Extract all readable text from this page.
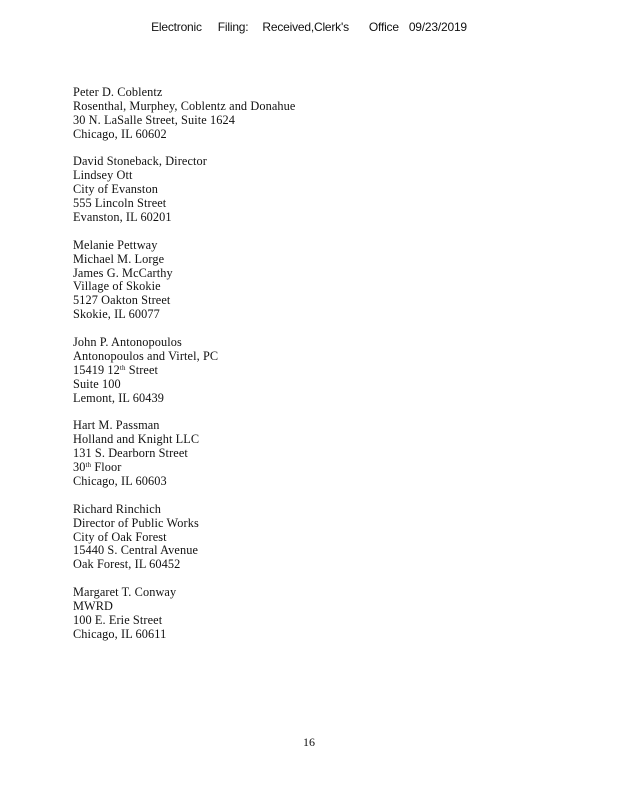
Electronic Filing: Received,Clerk's Office 09/23/2019
Peter D. Coblentz
Rosenthal, Murphey, Coblentz and Donahue
30 N. LaSalle Street, Suite 1624
Chicago, IL 60602
David Stoneback, Director
Lindsey Ott
City of Evanston
555 Lincoln Street
Evanston, IL 60201
Melanie Pettway
Michael M. Lorge
James G. McCarthy
Village of Skokie
5127 Oakton Street
Skokie, IL 60077
John P. Antonopoulos
Antonopoulos and Virtel, PC
15419 12th Street
Suite 100
Lemont, IL 60439
Hart M. Passman
Holland and Knight LLC
131 S. Dearborn Street
30th Floor
Chicago, IL 60603
Richard Rinchich
Director of Public Works
City of Oak Forest
15440 S. Central Avenue
Oak Forest, IL 60452
Margaret T. Conway
MWRD
100 E. Erie Street
Chicago, IL 60611
16
